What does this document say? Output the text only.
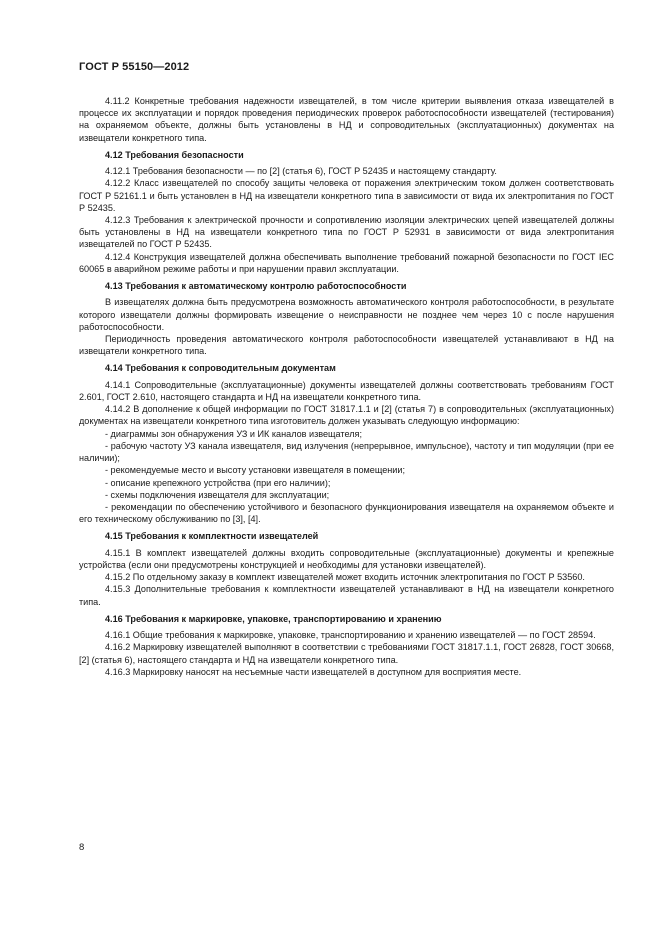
ГОСТ Р 55150—2012

4.11.2 Конкретные требования надежности извещателей, в том числе критерии выявления отказа извещателей в процессе их эксплуатации и порядок проведения периодических проверок работоспособности извещателей (тестирования) на охраняемом объекте, должны быть установлены в НД и сопроводительных (эксплуатационных) документах на извещатели конкретного типа.

4.12 Требования безопасности

4.12.1 Требования безопасности — по [2] (статья 6), ГОСТ Р 52435 и настоящему стандарту.

4.12.2 Класс извещателей по способу защиты человека от поражения электрическим током должен соответствовать ГОСТ Р 52161.1 и быть установлен в НД на извещатели конкретного типа в зависимости от вида их электропитания по ГОСТ Р 52435.

4.12.3 Требования к электрической прочности и сопротивлению изоляции электрических цепей извещателей должны быть установлены в НД на извещатели конкретного типа по ГОСТ Р 52931 в зависимости от вида электропитания извещателей по ГОСТ Р 52435.

4.12.4 Конструкция извещателей должна обеспечивать выполнение требований пожарной безопасности по ГОСТ IEC 60065 в аварийном режиме работы и при нарушении правил эксплуатации.

4.13 Требования к автоматическому контролю работоспособности

В извещателях должна быть предусмотрена возможность автоматического контроля работоспособности, в результате которого извещатели должны формировать извещение о неисправности не позднее чем через 10 с после нарушения работоспособности.

Периодичность проведения автоматического контроля работоспособности извещателей устанавливают в НД на извещатели конкретного типа.

4.14 Требования к сопроводительным документам

4.14.1 Сопроводительные (эксплуатационные) документы извещателей должны соответствовать требованиям ГОСТ 2.601, ГОСТ 2.610, настоящего стандарта и НД на извещатели конкретного типа.

4.14.2 В дополнение к общей информации по ГОСТ 31817.1.1 и [2] (статья 7) в сопроводительных (эксплуатационных) документах на извещатели конкретного типа изготовитель должен указывать следующую информацию:

- диаграммы зон обнаружения УЗ и ИК каналов извещателя;

- рабочую частоту УЗ канала извещателя, вид излучения (непрерывное, импульсное), частоту и тип модуляции (при ее наличии);

- рекомендуемые место и высоту установки извещателя в помещении;

- описание крепежного устройства (при его наличии);

- схемы подключения извещателя для эксплуатации;

- рекомендации по обеспечению устойчивого и безопасного функционирования извещателя на охраняемом объекте и его техническому обслуживанию по [3], [4].

4.15 Требования к комплектности извещателей

4.15.1 В комплект извещателей должны входить сопроводительные (эксплуатационные) документы и крепежные устройства (если они предусмотрены конструкцией и необходимы для установки извещателей).

4.15.2 По отдельному заказу в комплект извещателей может входить источник электропитания по ГОСТ Р 53560.

4.15.3 Дополнительные требования к комплектности извещателей устанавливают в НД на извещатели конкретного типа.

4.16 Требования к маркировке, упаковке, транспортированию и хранению

4.16.1 Общие требования к маркировке, упаковке, транспортированию и хранению извещателей — по ГОСТ 28594.

4.16.2 Маркировку извещателей выполняют в соответствии с требованиями ГОСТ 31817.1.1, ГОСТ 26828, ГОСТ 30668, [2] (статья 6), настоящего стандарта и НД на извещатели конкретного типа.

4.16.3 Маркировку наносят на несъемные части извещателей в доступном для восприятия месте.

8
